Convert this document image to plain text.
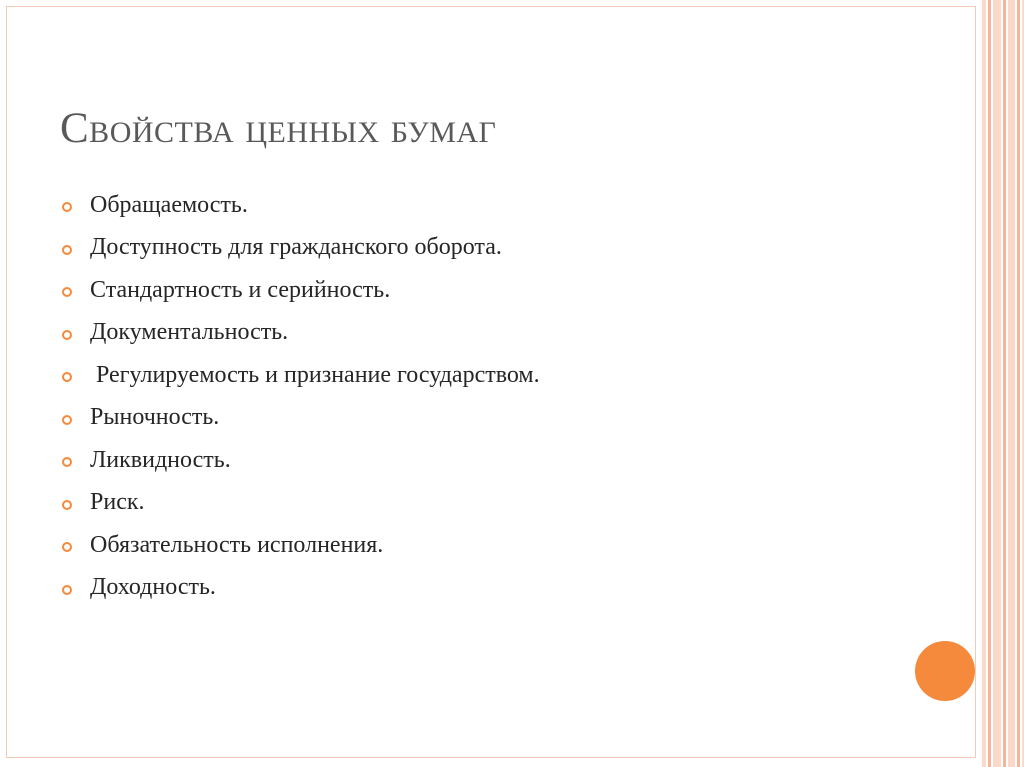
Свойства ценных бумаг
Обращаемость.
Доступность для гражданского оборота.
Стандартность и серийность.
Документальность.
Регулируемость и признание государством.
Рыночность.
Ликвидность.
Риск.
Обязательность исполнения.
Доходность.
